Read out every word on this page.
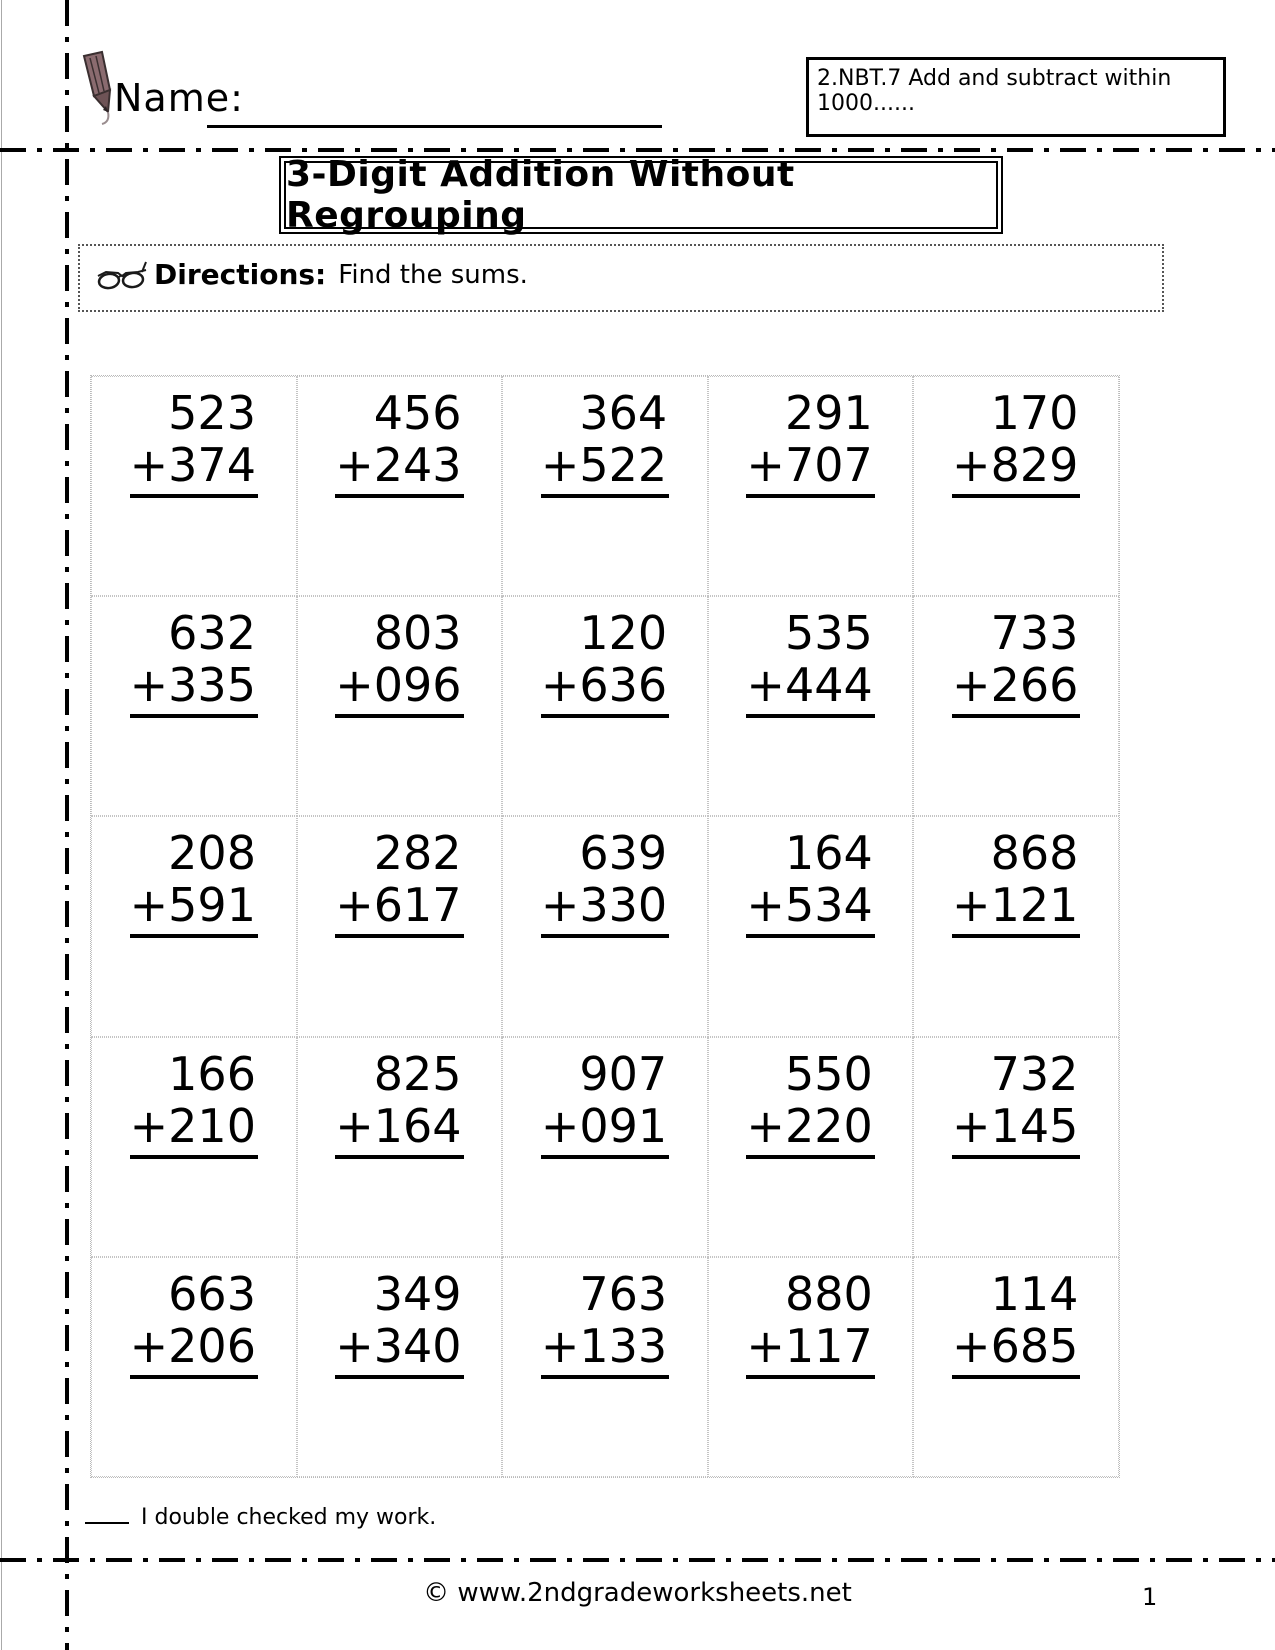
Name:	2.NBT.7 Add and subtract within 1000......
3-Digit Addition Without Regrouping
Directions: Find the sums.
523
+374
456
+243
364
+522
291
+707
170
+829
632
+335
803
+096
120
+636
535
+444
733
+266
208
+591
282
+617
639
+330
164
+534
868
+121
166
+210
825
+164
907
+091
550
+220
732
+145
663
+206
349
+340
763
+133
880
+117
114
+685
I double checked my work.
© www.2ndgradeworksheets.net	1
